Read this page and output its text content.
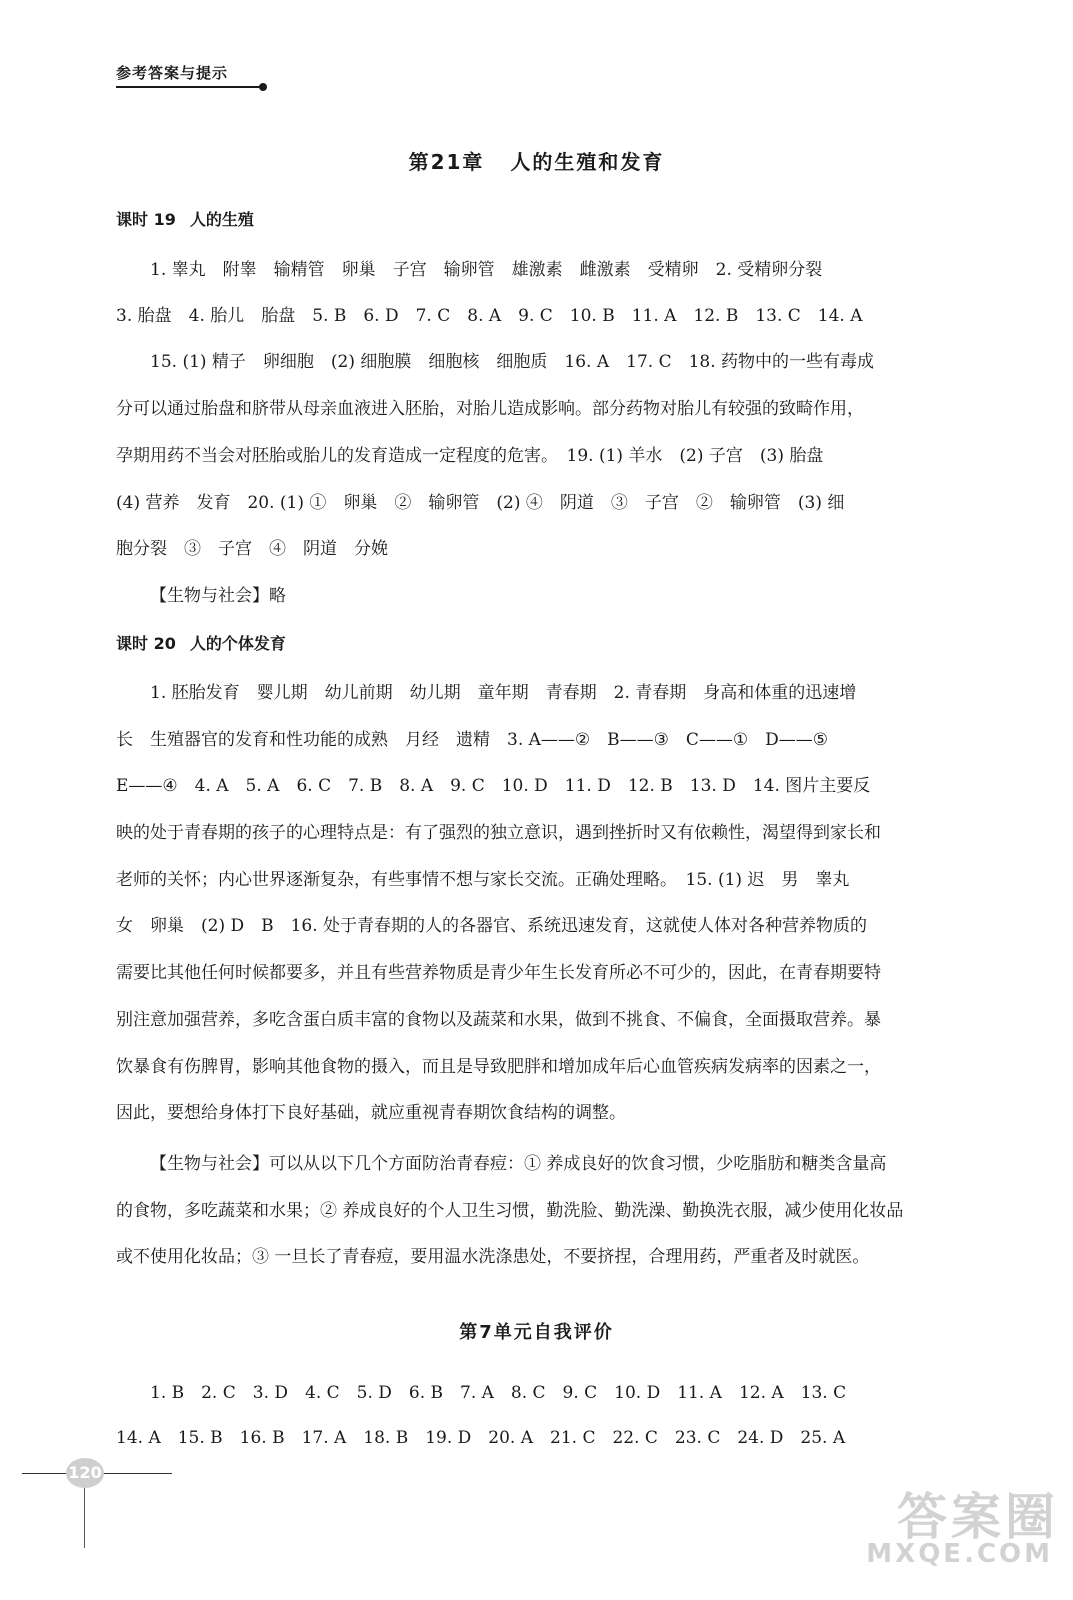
参考答案与提示
第21章 人的生殖和发育
课时 19 人的生殖
1. 睾丸　附睾　输精管　卵巢　子宫　输卵管　雄激素　雌激素　受精卵　2. 受精卵分裂
3. 胎盘　4. 胎儿　胎盘　5. B　6. D　7. C　8. A　9. C　10. B　11. A　12. B　13. C　14. A
15. (1) 精子　卵细胞　(2) 细胞膜　细胞核　细胞质　16. A　17. C　18. 药物中的一些有毒成
分可以通过胎盘和脐带从母亲血液进入胚胎，对胎儿造成影响。部分药物对胎儿有较强的致畸作用，
孕期用药不当会对胚胎或胎儿的发育造成一定程度的危害。　19. (1) 羊水　(2) 子宫　(3) 胎盘
(4) 营养　发育　20. (1) ①　卵巢　②　输卵管　(2) ④　阴道　③　子宫　②　输卵管　(3) 细
胞分裂　③　子宫　④　阴道　分娩
【生物与社会】略
课时 20 人的个体发育
1. 胚胎发育　婴儿期　幼儿前期　幼儿期　童年期　青春期　2. 青春期　身高和体重的迅速增
长　生殖器官的发育和性功能的成熟　月经　遗精　3. A——②　B——③　C——①　D——⑤
E——④　4. A　5. A　6. C　7. B　8. A　9. C　10. D　11. D　12. B　13. D　14. 图片主要反
映的处于青春期的孩子的心理特点是：有了强烈的独立意识，遇到挫折时又有依赖性，渴望得到家长和
老师的关怀；内心世界逐渐复杂，有些事情不想与家长交流。正确处理略。　15. (1) 迟　男　睾丸
女　卵巢　(2) D　B　16. 处于青春期的人的各器官、系统迅速发育，这就使人体对各种营养物质的
需要比其他任何时候都要多，并且有些营养物质是青少年生长发育所必不可少的，因此，在青春期要特
别注意加强营养，多吃含蛋白质丰富的食物以及蔬菜和水果，做到不挑食、不偏食，全面摄取营养。暴
饮暴食有伤脾胃，影响其他食物的摄入，而且是导致肥胖和增加成年后心血管疾病发病率的因素之一，
因此，要想给身体打下良好基础，就应重视青春期饮食结构的调整。
【生物与社会】可以从以下几个方面防治青春痘：① 养成良好的饮食习惯，少吃脂肪和糖类含量高
的食物，多吃蔬菜和水果；② 养成良好的个人卫生习惯，勤洗脸、勤洗澡、勤换洗衣服，减少使用化妆品
或不使用化妆品；③ 一旦长了青春痘，要用温水洗涤患处，不要挤捏，合理用药，严重者及时就医。
第7单元自我评价
1. B　2. C　3. D　4. C　5. D　6. B　7. A　8. C　9. C　10. D　11. A　12. A　13. C
14. A　15. B　16. B　17. A　18. B　19. D　20. A　21. C　22. C　23. C　24. D　25. A
120
答案圈
MXQE.COM
